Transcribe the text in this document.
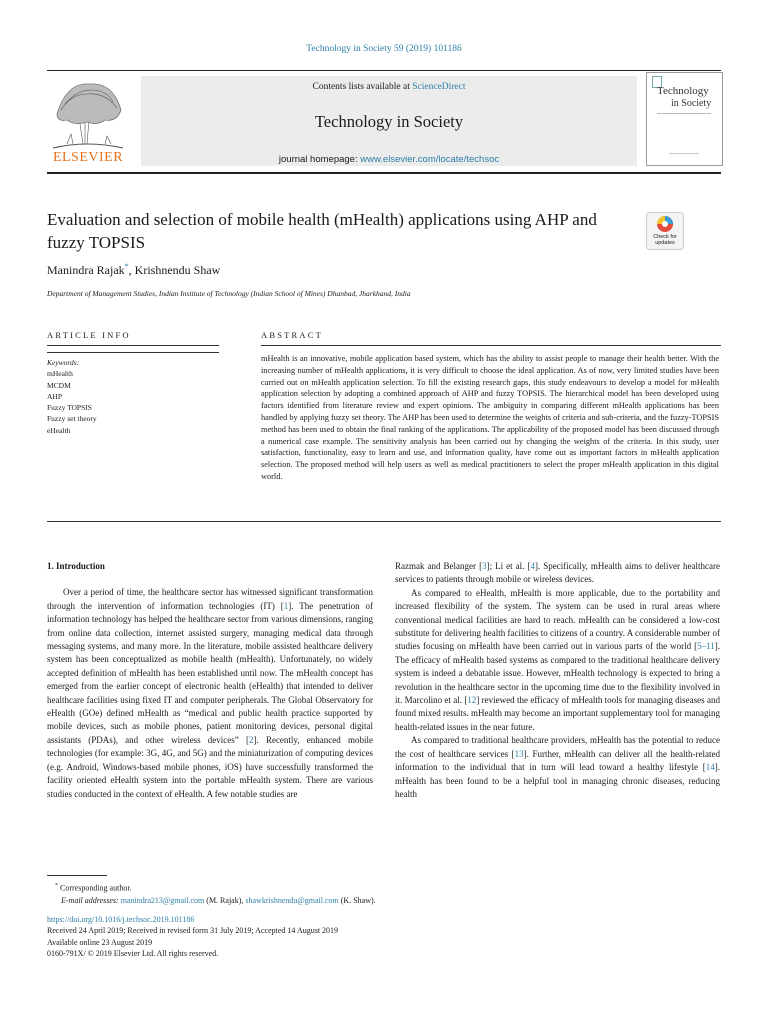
Technology in Society 59 (2019) 101186
ELSEVIER
Contents lists available at ScienceDirect
Technology in Society
journal homepage: www.elsevier.com/locate/techsoc
Technology
in Society
Evaluation and selection of mobile health (mHealth) applications using AHP and fuzzy TOPSIS	Check for updates
Manindra Rajak*, Krishnendu Shaw
Department of Management Studies, Indian Institute of Technology (Indian School of Mines) Dhanbad, Jharkhand, India
ARTICLE INFO
Keywords:
mHealth
MCDM
AHP
Fuzzy TOPSIS
Fuzzy set theory
eHealth
ABSTRACT
mHealth is an innovative, mobile application based system, which has the ability to assist people to manage their health better. With the increasing number of mHealth applications, it is very difficult to choose the ideal application. As of now, very limited studies have been carried out on mHealth application selection. To fill the existing research gaps, this study endeavours to develop a model for mHealth application selection by adopting a combined approach of AHP and fuzzy TOPSIS. The hierarchical model has been developed using factors identified from literature review and expert opinions. The ambiguity in comparing different mHealth applications has been handled by applying fuzzy set theory. The AHP has been used to determine the weights of criteria and sub-criteria, and the fuzzy-TOPSIS method has been used to obtain the final ranking of the applications. The applicability of the proposed model has been discussed through a numerical case example. The sensitivity analysis has been carried out by changing the weights of the criteria. In this study, user satisfaction, functionality, easy to learn and use, and information quality, have come out as important factors in mHealth application selection. The proposed method will help users as well as medical practitioners to select the proper mHealth application in this digital world.
1. Introduction

Over a period of time, the healthcare sector has witnessed significant transformation through the intervention of information technologies (IT) [1]. The penetration of information technology has helped the healthcare sector from various dimensions, ranging from online data collection, internet assisted surgery, managing medical data through messaging systems, and many more. In the literature, mobile assisted healthcare delivery system has been conceptualized as mobile health (mHealth). Unfortunately, no widely accepted definition of mHealth has been established until now. The mHealth concept has emerged from the earlier concept of electronic health (eHealth) that intended to deliver healthcare facilities using fixed IT and computer peripherals. The Global Observatory for eHealth (GOe) defined mHealth as “medical and public health practice supported by mobile devices, such as mobile phones, patient monitoring devices, personal digital assistants (PDAs), and other wireless devices” [2]. Recently, enhanced mobile technologies (for example: 3G, 4G, and 5G) and the miniaturization of computing devices (e.g. Android, Windows-based mobile phones, iOS) have successfully transformed the facility oriented eHealth system into the portable mHealth system. There are various studies conducted in the context of eHealth. A few notable studies are

Razmak and Belanger [3]; Li et al. [4]. Specifically, mHealth aims to deliver healthcare services to patients through mobile or wireless devices.

As compared to eHealth, mHealth is more applicable, due to the portability and increased flexibility of the system. The system can be used in rural areas where conventional medical facilities are hard to reach. mHealth can be considered a low-cost substitute for delivering health facilities to citizens of a country. A considerable number of studies focusing on mHealth have been carried out in various parts of the world [5–11]. The efficacy of mHealth based systems as compared to the traditional healthcare delivery system is indeed a debatable issue. However, mHealth technology is expected to bring a revolution in the healthcare sector in the upcoming time due to the flexibility involved in it. Marcolino et al. [12] reviewed the efficacy of mHealth tools for managing diseases and found mixed results. mHealth may become an important supplementary tool for managing health-related issues in the near future.

As compared to traditional healthcare providers, mHealth has the potential to reduce the cost of healthcare services [13]. Further, mHealth can deliver all the health-related information to the individual that in turn will lead toward a healthy lifestyle [14]. mHealth has been found to be a helpful tool in managing chronic diseases, reducing health

* Corresponding author.
E-mail addresses: manindra213@gmail.com (M. Rajak), shawkrishnendu@gmail.com (K. Shaw).
https://doi.org/10.1016/j.techsoc.2019.101186
Received 24 April 2019; Received in revised form 31 July 2019; Accepted 14 August 2019
Available online 23 August 2019
0160-791X/ © 2019 Elsevier Ltd. All rights reserved.
